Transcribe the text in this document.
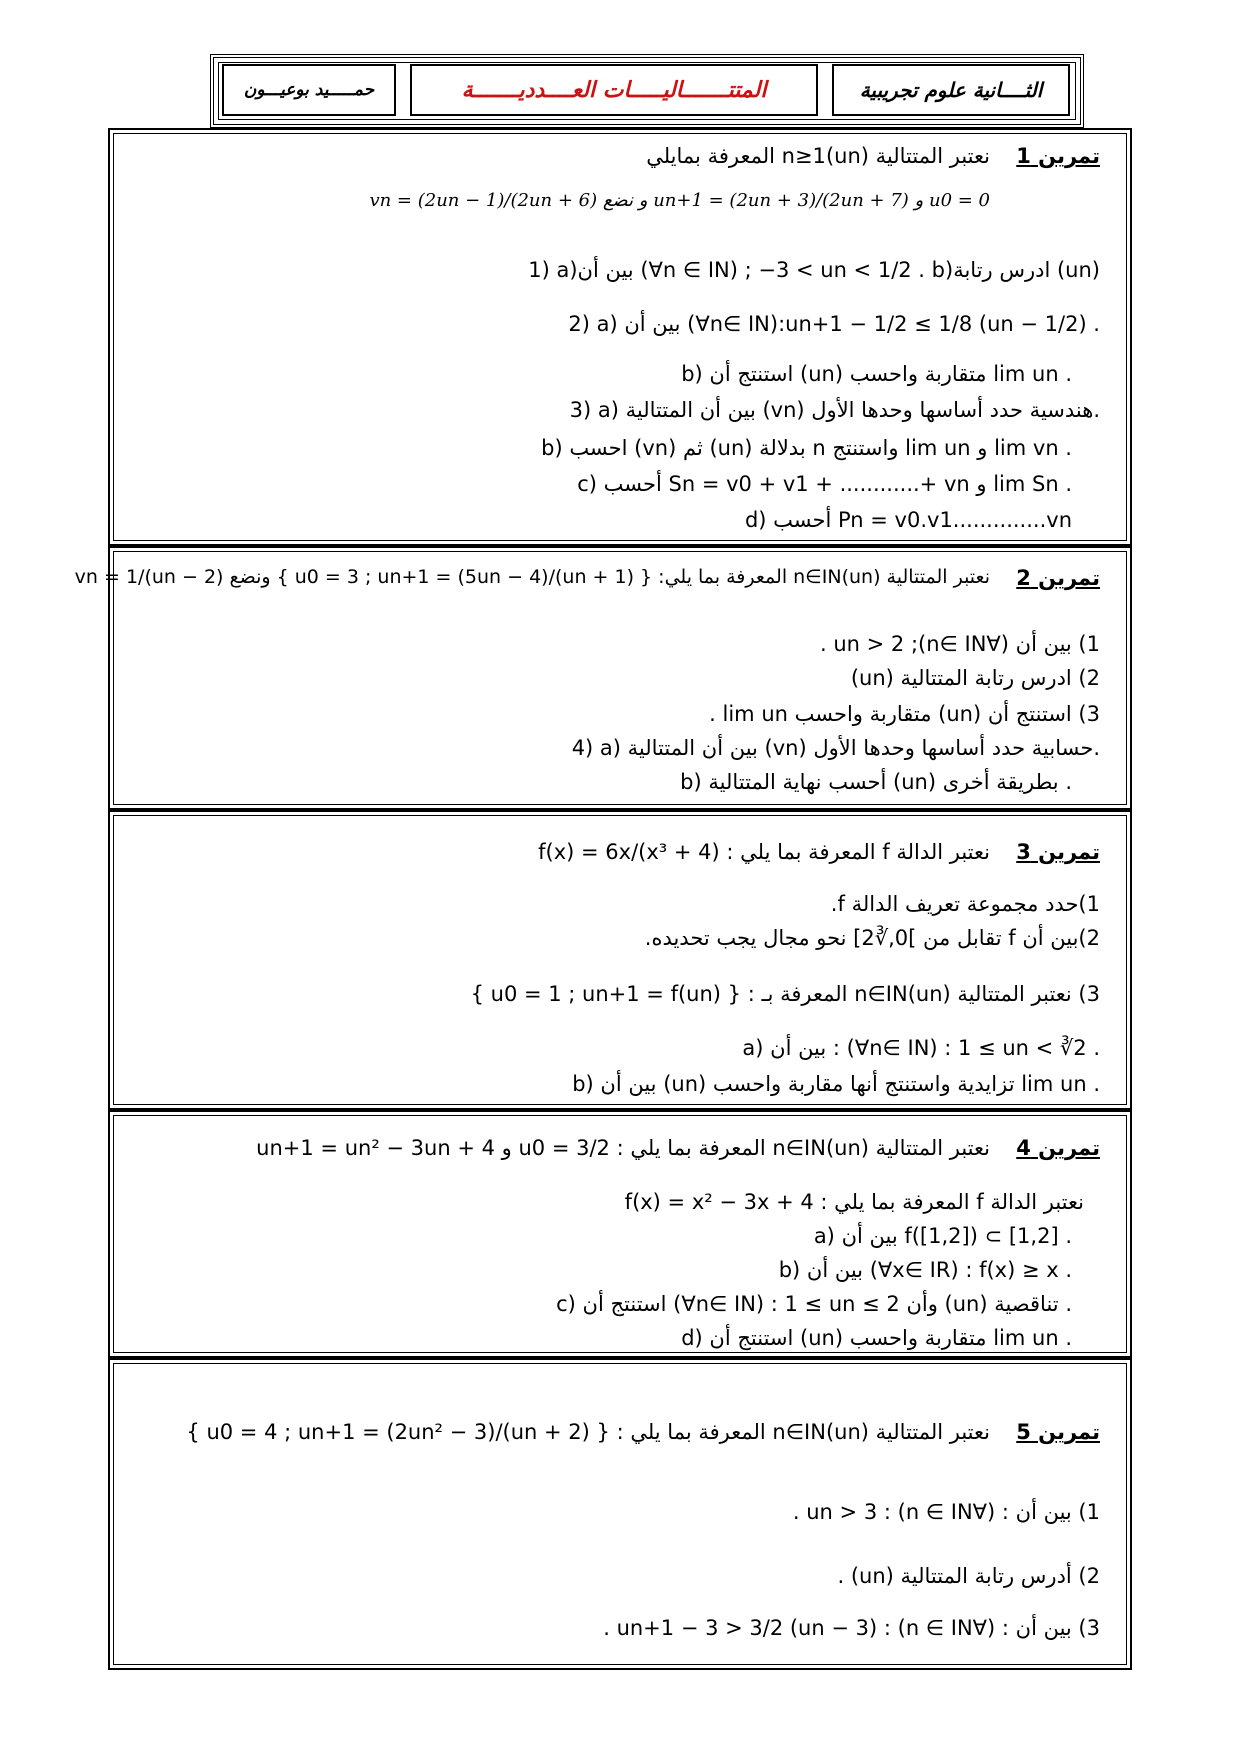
حمـــــيد بوعيـــون	المتتـــــــاليـــــات العــــدديـــــــة	الثــــانية علوم تجريبية
تمرين 1
نعتبر المتتالية (un)n≥1 المعرفة بمايلي
vn = (2un − 1)/(2un + 6) و نضع un+1 = (2un + 3)/(2un + 7) و u0 = 0
1) a)بين أن (∀n ∈ IN) ; −3 < un < 1/2 . b)ادرس رتابة (un)
2) a) بين أن (∀n∈ IN):un+1 − 1/2 ≤ 1/8 (un − 1/2) .
b) استنتج أن (un) متقاربة واحسب lim un .
3) a) بين أن المتتالية (vn) هندسية حدد أساسها وحدها الأول.
b) احسب (vn) ثم (un) بدلالة n واستنتج lim un و lim vn .
c) أحسب Sn = v0 + v1 + ............+ vn و lim Sn .
d) أحسب Pn = v0.v1..............vn
تمرين 2
نعتبر المتتالية (un)n∈IN المعرفة بما يلي: { u0 = 3 ; un+1 = (5un − 4)/(un + 1) } ونضع vn = 1/(un − 2)
1) بين أن (∀n∈ IN); un > 2 .
2) ادرس رتابة المتتالية (un)
3) استنتج أن (un) متقاربة واحسب lim un .
4) a) بين أن المتتالية (vn) حسابية حدد أساسها وحدها الأول.
b) أحسب نهاية المتتالية (un) بطريقة أخرى .
تمرين 3
نعتبر الدالة f المعرفة بما يلي : f(x) = 6x/(x³ + 4)
1)حدد مجموعة تعريف الدالة f.
2)بين أن f تقابل من ]0,∛2] نحو مجال يجب تحديده.
3) نعتبر المتتالية (un)n∈IN المعرفة بـ : { u0 = 1 ; un+1 = f(un) }
a) بين أن : (∀n∈ IN) : 1 ≤ un < ∛2 .
b) بين أن (un) تزايدية واستنتج أنها مقاربة واحسب lim un .
تمرين 4
نعتبر المتتالية (un)n∈IN المعرفة بما يلي : u0 = 3/2 و un+1 = un² − 3un + 4
نعتبر الدالة f المعرفة بما يلي : f(x) = x² − 3x + 4
a) بين أن f([1,2]) ⊂ [1,2] .
b) بين أن (∀x∈ IR) : f(x) ≥ x .
c) استنتج أن (∀n∈ IN) : 1 ≤ un ≤ 2 وأن (un) تناقصية .
d) استنتج أن (un) متقاربة واحسب lim un .
تمرين 5
نعتبر المتتالية (un)n∈IN المعرفة بما يلي : { u0 = 4 ; un+1 = (2un² − 3)/(un + 2) }
1) بين أن : (∀n ∈ IN) : un > 3 .
2) أدرس رتابة المتتالية (un) .
3) بين أن : (∀n ∈ IN) : un+1 − 3 > 3/2 (un − 3) .
